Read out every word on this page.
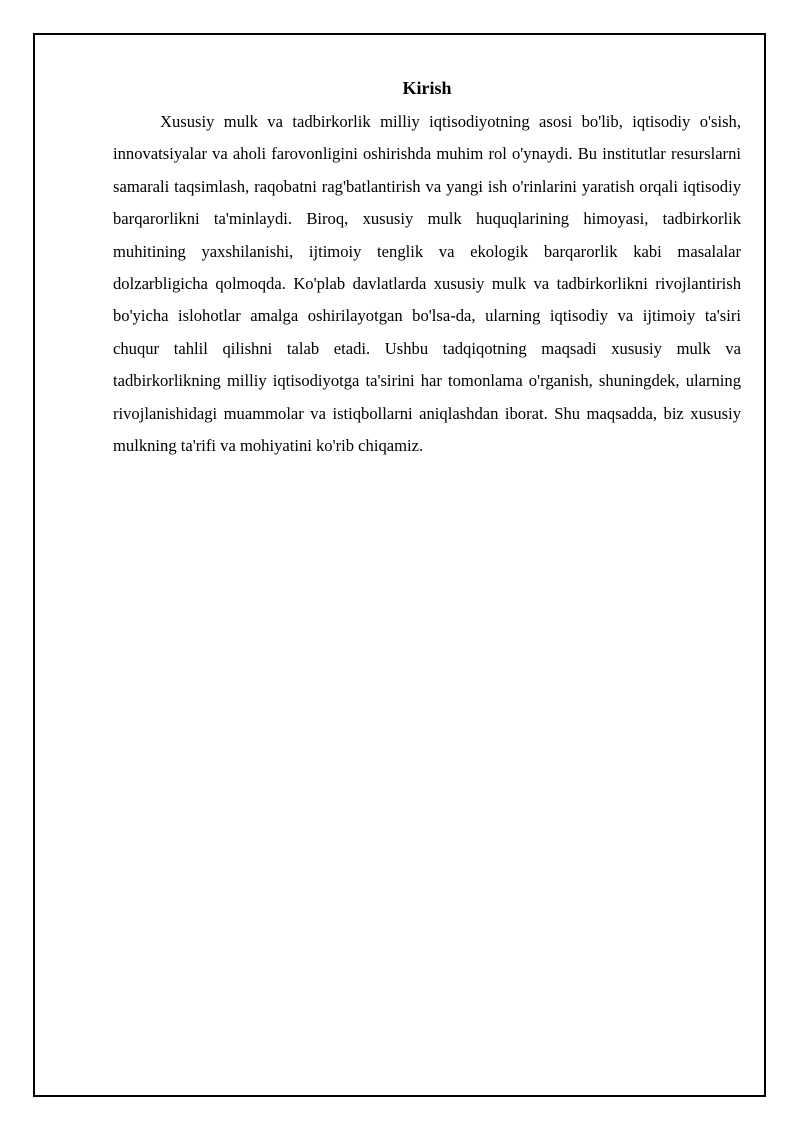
Kirish

Xususiy mulk va tadbirkorlik milliy iqtisodiyotning asosi bo'lib, iqtisodiy o'sish, innovatsiyalar va aholi farovonligini oshirishda muhim rol o'ynaydi. Bu institutlar resurslarni samarali taqsimlash, raqobatni rag'batlantirish va yangi ish o'rinlarini yaratish orqali iqtisodiy barqarorlikni ta'minlaydi. Biroq, xususiy mulk huquqlarining himoyasi, tadbirkorlik muhitining yaxshilanishi, ijtimoiy tenglik va ekologik barqarorlik kabi masalalar dolzarbligicha qolmoqda. Ko'plab davlatlarda xususiy mulk va tadbirkorlikni rivojlantirish bo'yicha islohotlar amalga oshirilayotgan bo'lsa-da, ularning iqtisodiy va ijtimoiy ta'siri chuqur tahlil qilishni talab etadi. Ushbu tadqiqotning maqsadi xususiy mulk va tadbirkorlikning milliy iqtisodiyotga ta'sirini har tomonlama o'rganish, shuningdek, ularning rivojlanishidagi muammolar va istiqbollarni aniqlashdan iborat. Shu maqsadda, biz xususiy mulkning ta'rifi va mohiyatini ko'rib chiqamiz.
